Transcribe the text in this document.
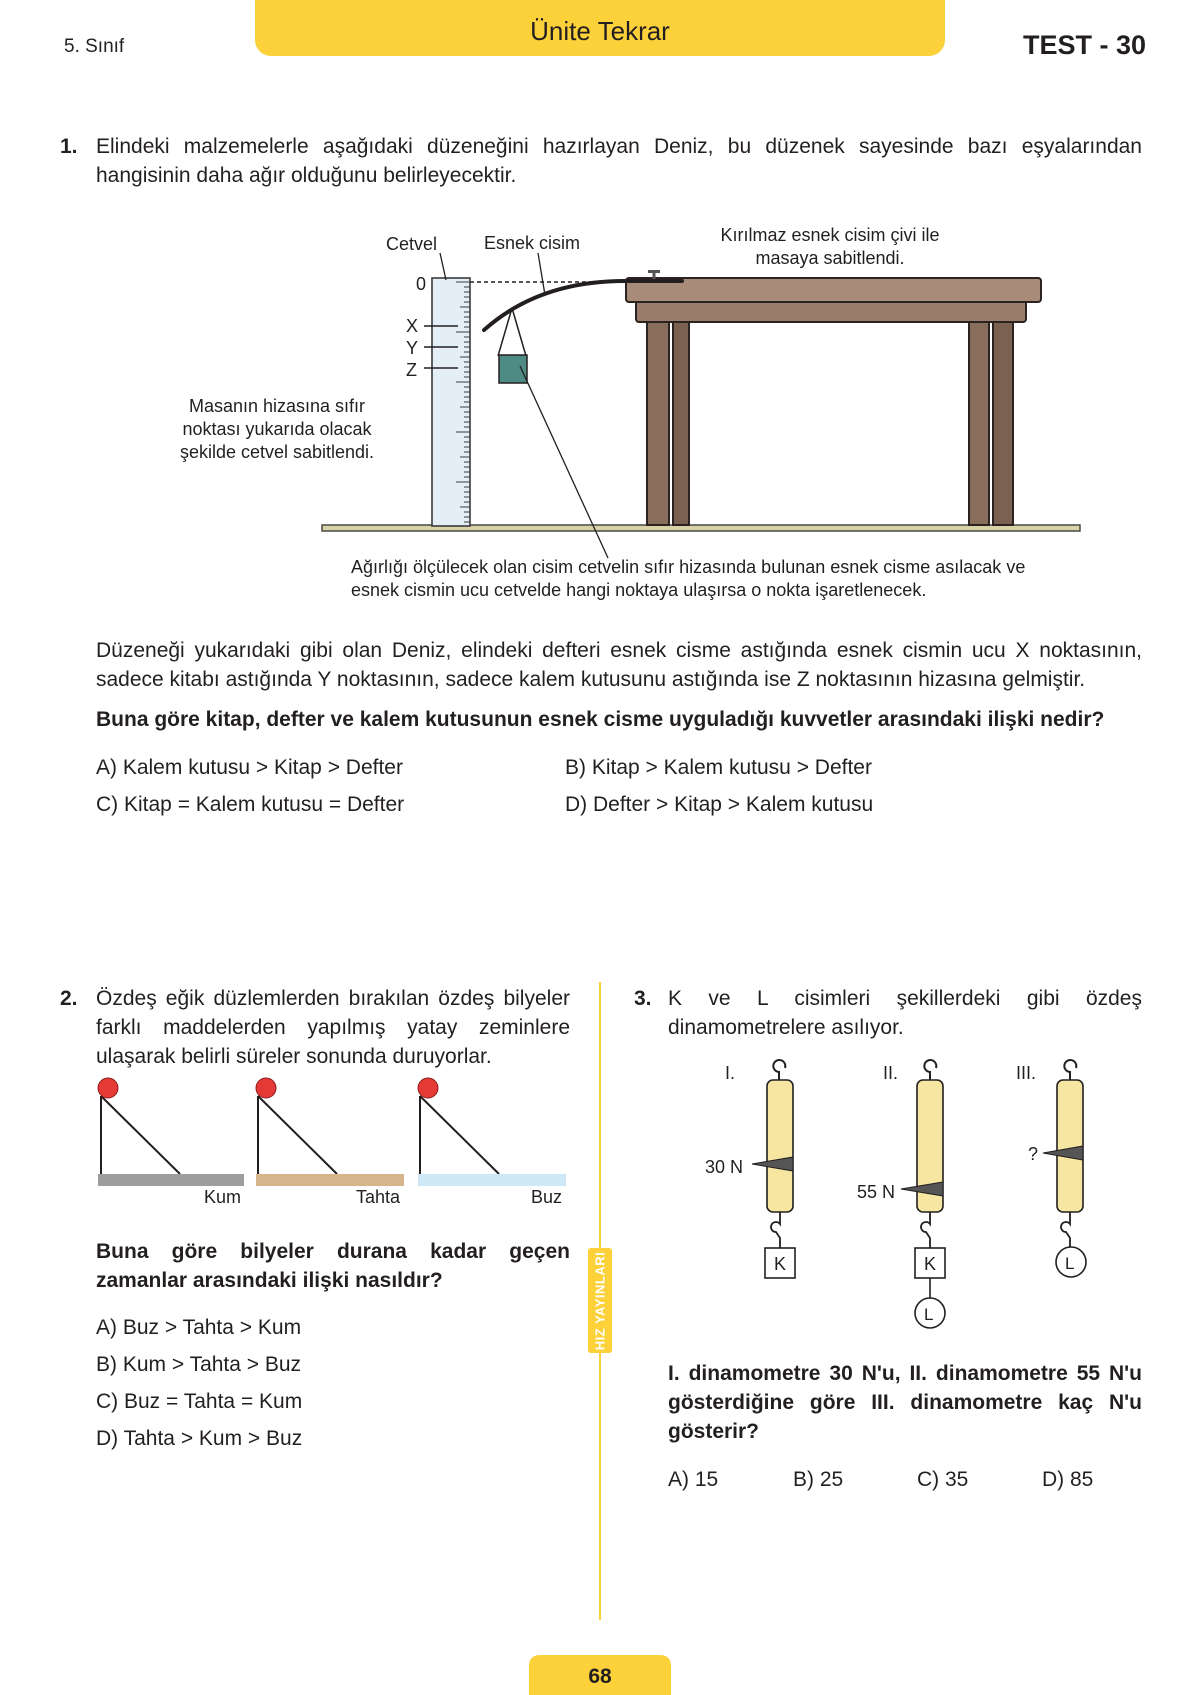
5. Sınıf
Ünite Tekrar	TEST - 30
1. Elindeki malzemelerle aşağıdaki düzeneğini hazırlayan Deniz, bu düzenek sayesinde bazı eşyalarından hangisinin daha ağır olduğunu belirleyecektir.
0
X
Y
Z
Cetvel	Esnek cisim	Kırılmaz esnek cisim çivi ile masaya sabitlendi.
Masanın hizasına sıfır noktası yukarıda olacak şekilde cetvel sabitlendi.
Ağırlığı ölçülecek olan cisim cetvelin sıfır hizasında bulunan esnek cisme asılacak ve esnek cismin ucu cetvelde hangi noktaya ulaşırsa o nokta işaretlenecek.
Düzeneği yukarıdaki gibi olan Deniz, elindeki defteri esnek cisme astığında esnek cismin ucu X noktasının, sadece kitabı astığında Y noktasının, sadece kalem kutusunu astığında ise Z noktasının hizasına gelmiştir.
Buna göre kitap, defter ve kalem kutusunun esnek cisme uyguladığı kuvvetler arasındaki ilişki nedir?
A) Kalem kutusu > Kitap > Defter	B) Kitap > Kalem kutusu > Defter
C) Kitap = Kalem kutusu = Defter	D) Defter > Kitap > Kalem kutusu
2. Özdeş eğik düzlemlerden bırakılan özdeş bilyeler farklı maddelerden yapılmış yatay zeminlere ulaşarak belirli süreler sonunda duruyorlar.
Kum	Tahta	Buz
Buna göre bilyeler durana kadar geçen zamanlar arasındaki ilişki nasıldır?
A) Buz > Tahta > Kum
B) Kum > Tahta > Buz
C) Buz = Tahta = Kum
D) Tahta > Kum > Buz
HIZ YAYINLARI
3. K ve L cisimleri şekillerdeki gibi özdeş dinamometrelere asılıyor.
I.
30 N
K
II.
55 N
K
L
III.
?
L
I. dinamometre 30 N'u, II. dinamometre 55 N'u gösterdiğine göre III. dinamometre kaç N'u gösterir?
A) 15	B) 25	C) 35	D) 85
68
